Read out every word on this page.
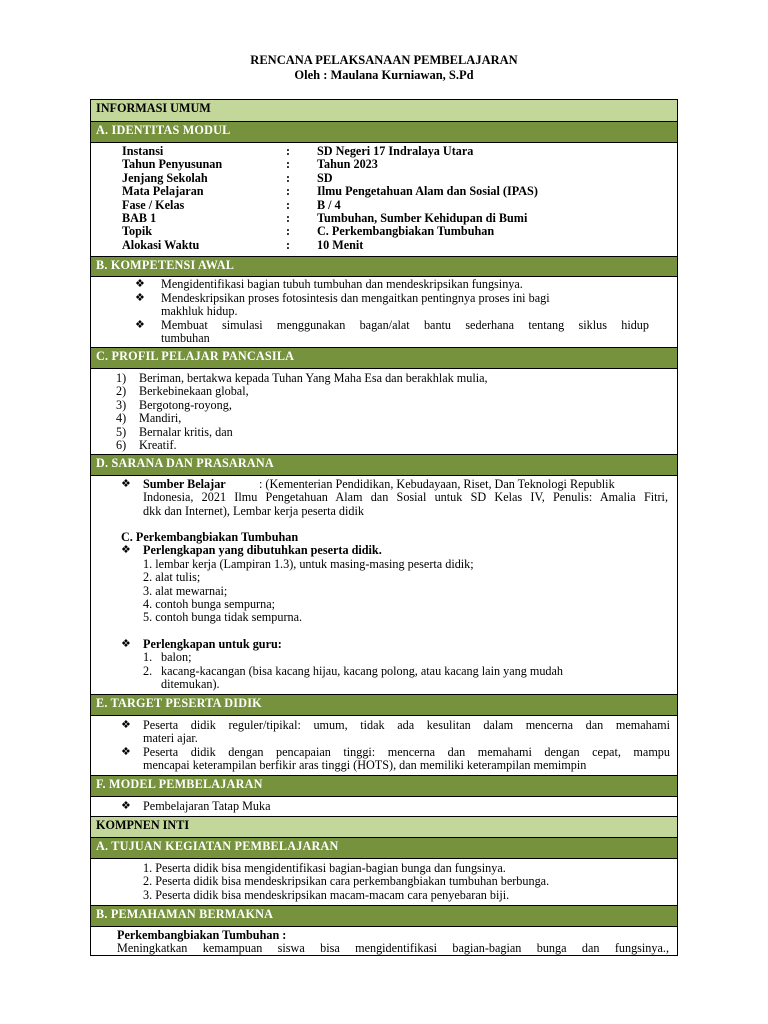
RENCANA PELAKSANAAN PEMBELAJARAN
Oleh : Maulana Kurniawan, S.Pd
INFORMASI UMUM
A. IDENTITAS MODUL
Instansi	: SD Negeri 17 Indralaya Utara
Tahun Penyusunan	: Tahun 2023
Jenjang Sekolah	: SD
Mata Pelajaran	: Ilmu Pengetahuan Alam dan Sosial (IPAS)
Fase / Kelas	: B / 4
BAB 1	: Tumbuhan, Sumber Kehidupan di Bumi
Topik	: C. Perkembangbiakan Tumbuhan
Alokasi Waktu	: 10 Menit
B. KOMPETENSI AWAL
❖ Mengidentifikasi bagian tubuh tumbuhan dan mendeskripsikan fungsinya.
❖ Mendeskripsikan proses fotosintesis dan mengaitkan pentingnya proses ini bagi
makhluk hidup.
❖ Membuat simulasi menggunakan bagan/alat bantu sederhana tentang siklus hidup
tumbuhan
C. PROFIL PELAJAR PANCASILA
1) Beriman, bertakwa kepada Tuhan Yang Maha Esa dan berakhlak mulia,
2) Berkebinekaan global,
3) Bergotong-royong,
4) Mandiri,
5) Bernalar kritis, dan
6) Kreatif.
D. SARANA DAN PRASARANA
❖ Sumber Belajar	: (Kementerian Pendidikan, Kebudayaan, Riset, Dan Teknologi Republik
Indonesia, 2021 Ilmu Pengetahuan Alam dan Sosial untuk SD Kelas IV, Penulis: Amalia Fitri,
dkk dan Internet), Lembar kerja peserta didik
C. Perkembangbiakan Tumbuhan
❖ Perlengkapan yang dibutuhkan peserta didik.
1. lembar kerja (Lampiran 1.3), untuk masing-masing peserta didik;
2. alat tulis;
3. alat mewarnai;
4. contoh bunga sempurna;
5. contoh bunga tidak sempurna.
❖ Perlengkapan untuk guru:
1. balon;
2. kacang-kacangan (bisa kacang hijau, kacang polong, atau kacang lain yang mudah
ditemukan).
E. TARGET PESERTA DIDIK
❖ Peserta didik reguler/tipikal: umum, tidak ada kesulitan dalam mencerna dan memahami
materi ajar.
❖ Peserta didik dengan pencapaian tinggi: mencerna dan memahami dengan cepat, mampu
mencapai keterampilan berfikir aras tinggi (HOTS), dan memiliki keterampilan memimpin
F. MODEL PEMBELAJARAN
❖ Pembelajaran Tatap Muka
KOMPNEN INTI
A. TUJUAN KEGIATAN PEMBELAJARAN
1. Peserta didik bisa mengidentifikasi bagian-bagian bunga dan fungsinya.
2. Peserta didik bisa mendeskripsikan cara perkembangbiakan tumbuhan berbunga.
3. Peserta didik bisa mendeskripsikan macam-macam cara penyebaran biji.
B. PEMAHAMAN BERMAKNA
Perkembangbiakan Tumbuhan :
Meningkatkan kemampuan siswa bisa mengidentifikasi bagian-bagian bunga dan fungsinya.,
